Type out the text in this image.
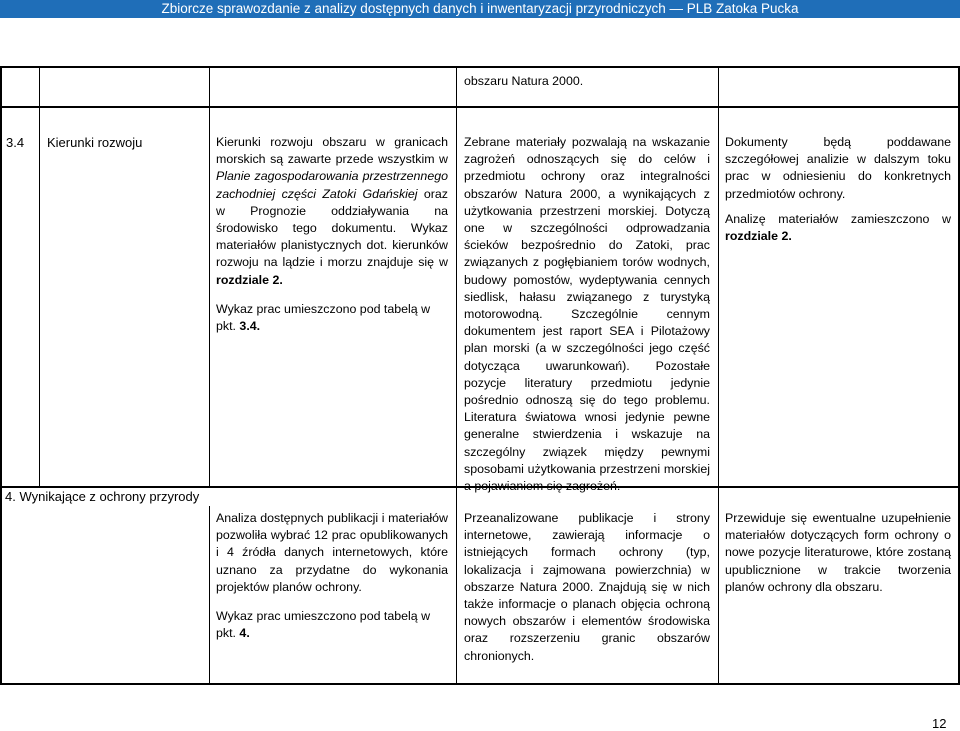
Zbiorcze sprawozdanie z analizy dostępnych danych i inwentaryzacji przyrodniczych — PLB Zatoka Pucka
obszaru Natura 2000.
3.4 Kierunki rozwoju	Kierunki rozwoju obszaru w granicach morskich są zawarte przede wszystkim w Planie zagospodarowania przestrzennego zachodniej części Zatoki Gdańskiej oraz w Prognozie oddziaływania na środowisko tego dokumentu. Wykaz materiałów planistycznych dot. kierunków rozwoju na lądzie i morzu znajduje się w rozdziale 2.
Wykaz prac umieszczono pod tabelą w pkt. 3.4.
Zebrane materiały pozwalają na wskazanie zagrożeń odnoszących się do celów i przedmiotu ochrony oraz integralności obszarów Natura 2000, a wynikających z użytkowania przestrzeni morskiej. Dotyczą one w szczególności odprowadzania ścieków bezpośrednio do Zatoki, prac związanych z pogłębianiem torów wodnych, budowy pomostów, wydeptywania cennych siedlisk, hałasu związanego z turystyką motorowodną. Szczególnie cennym dokumentem jest raport SEA i Pilotażowy plan morski (a w szczególności jego część dotycząca uwarunkowań). Pozostałe pozycje literatury przedmiotu jedynie pośrednio odnoszą się do tego problemu. Literatura światowa wnosi jedynie pewne generalne stwierdzenia i wskazuje na szczególny związek między pewnymi sposobami użytkowania przestrzeni morskiej a pojawianiem się zagrożeń.
Dokumenty będą poddawane szczegółowej analizie w dalszym toku prac w odniesieniu do konkretnych przedmiotów ochrony.
Analizę materiałów zamieszczono w rozdziale 2.
4. Wynikające z ochrony przyrody
Analiza dostępnych publikacji i materiałów pozwoliła wybrać 12 prac opublikowanych i 4 źródła danych internetowych, które uznano za przydatne do wykonania projektów planów ochrony.
Wykaz prac umieszczono pod tabelą w pkt. 4.
Przeanalizowane publikacje i strony internetowe, zawierają informacje o istniejących formach ochrony (typ, lokalizacja i zajmowana powierzchnia) w obszarze Natura 2000. Znajdują się w nich także informacje o planach objęcia ochroną nowych obszarów i elementów środowiska oraz rozszerzeniu granic obszarów chronionych.
Przewiduje się ewentualne uzupełnienie materiałów dotyczących form ochrony o nowe pozycje literaturowe, które zostaną upublicznione w trakcie tworzenia planów ochrony dla obszaru.
12
